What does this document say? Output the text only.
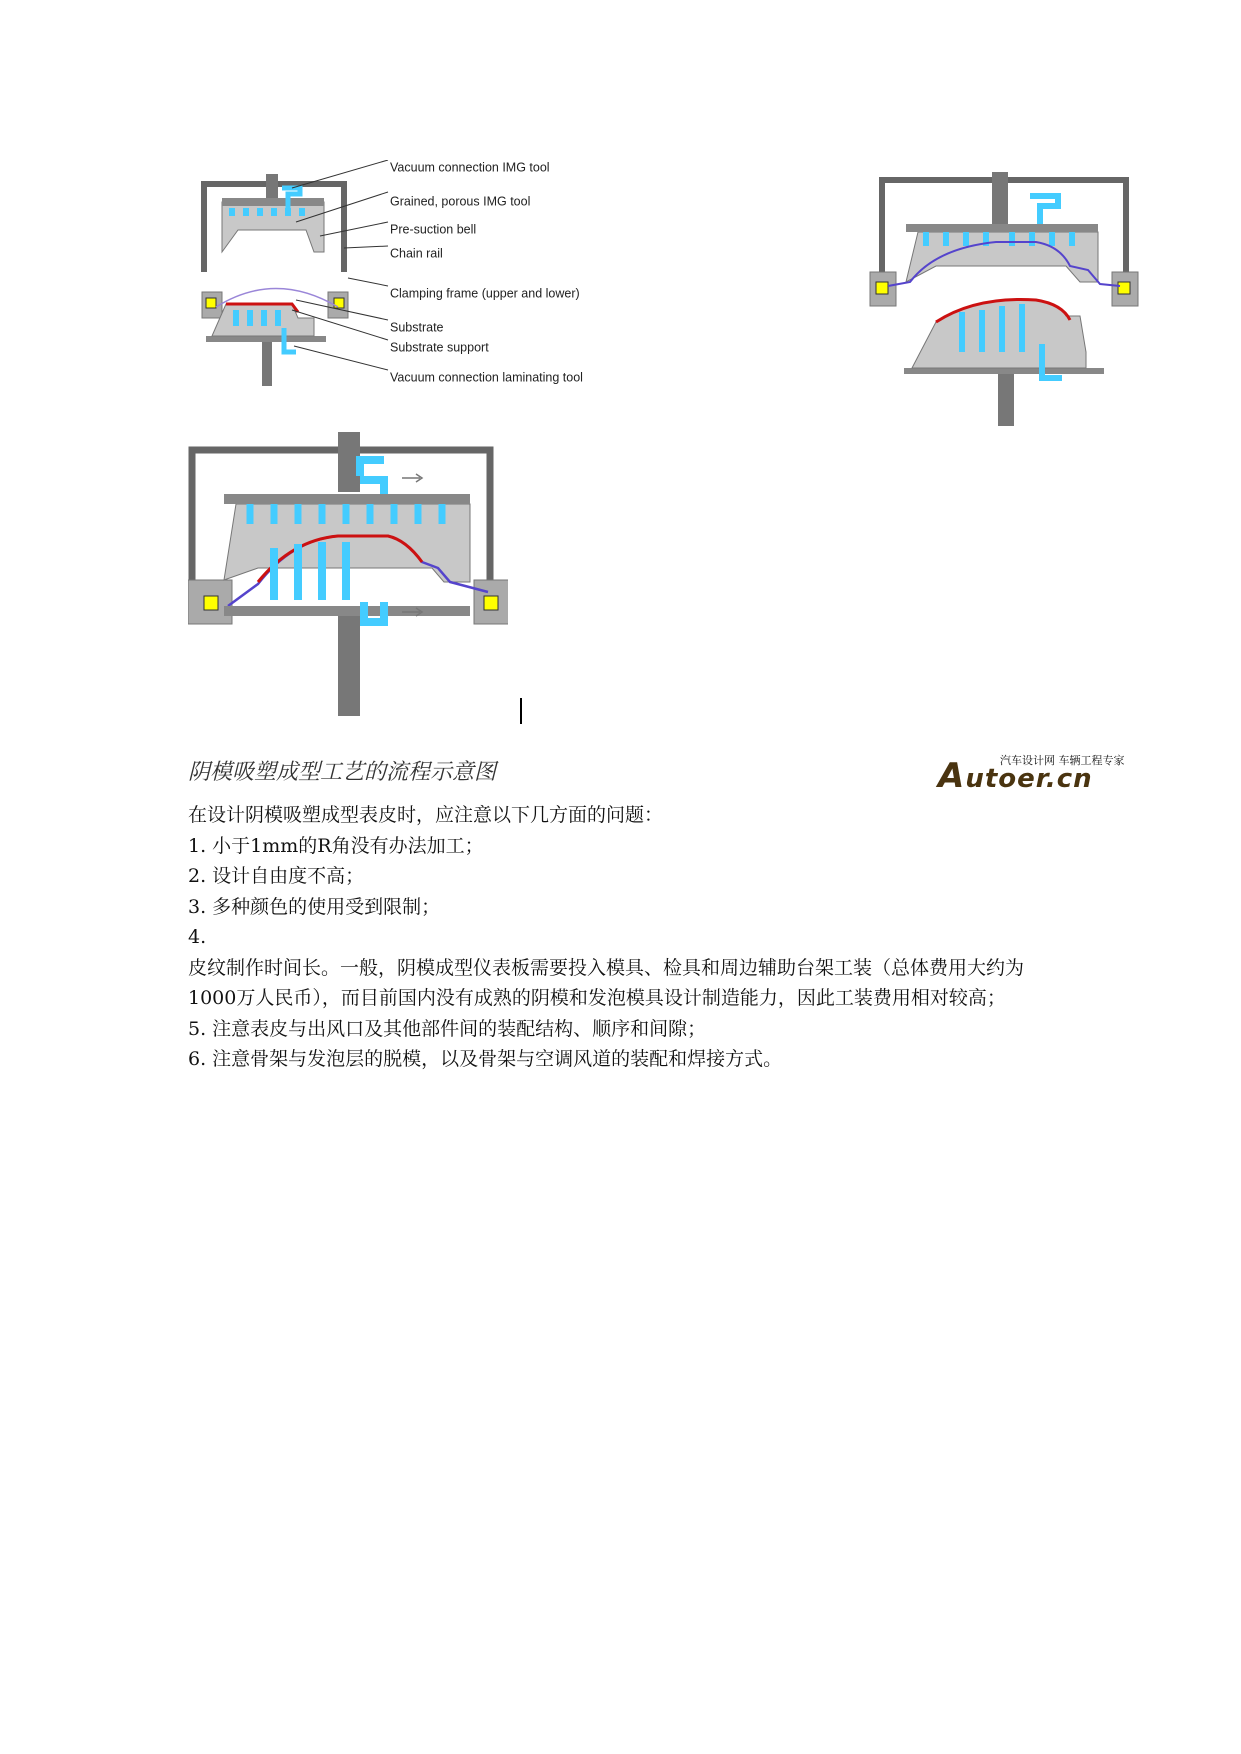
Vacuum connection IMG tool
Grained, porous IMG tool
Pre-suction bell
Chain rail
Clamping frame (upper and lower)
Substrate
Substrate support
Vacuum connection laminating tool
阴模吸塑成型工艺的流程示意图	Autoer.cn
汽车设计网 车辆工程专家

在设计阴模吸塑成型表皮时，应注意以下几方面的问题：

1. 小于1mm的R角没有办法加工；

2. 设计自由度不高；

3. 多种颜色的使用受到限制；

4.

皮纹制作时间长。一般，阴模成型仪表板需要投入模具、检具和周边辅助台架工装（总体费用大约为1000万人民币），而目前国内没有成熟的阴模和发泡模具设计制造能力，因此工装费用相对较高；

5. 注意表皮与出风口及其他部件间的装配结构、顺序和间隙；

6. 注意骨架与发泡层的脱模，以及骨架与空调风道的装配和焊接方式。
